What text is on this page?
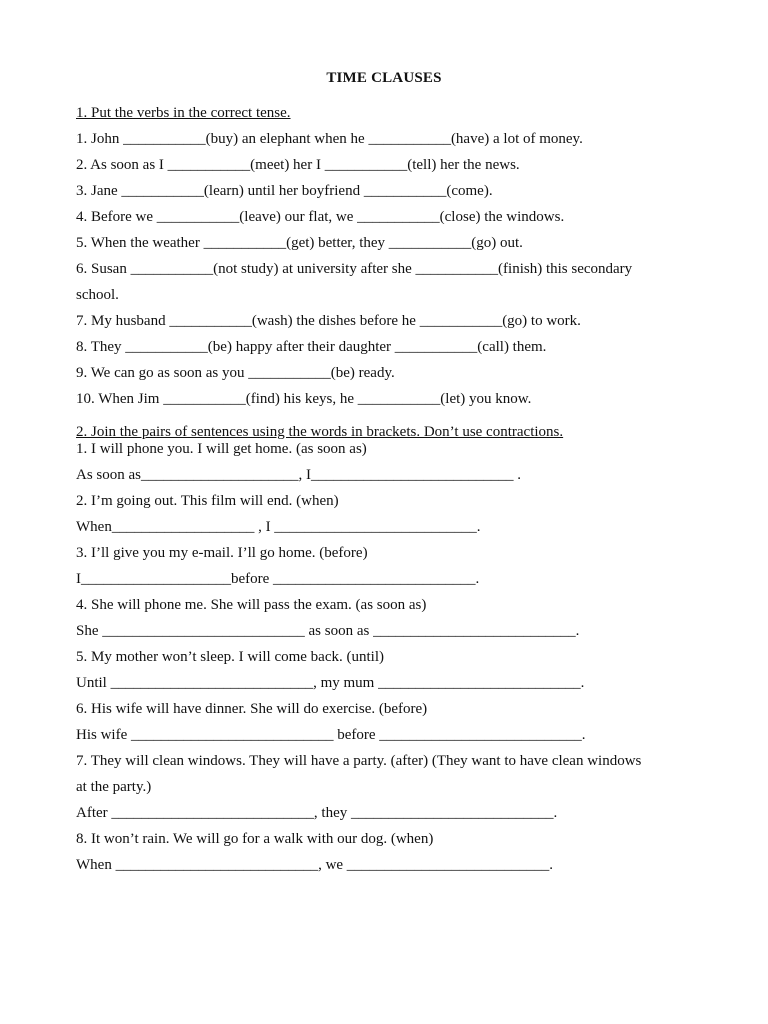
TIME CLAUSES
1. Put the verbs in the correct tense.
1. John ___________(buy) an elephant when he ___________(have) a lot of money.
2. As soon as I ___________(meet) her I ___________(tell) her the news.
3. Jane ___________(learn) until her boyfriend ___________(come).
4. Before we ___________(leave) our flat, we ___________(close) the windows.
5. When the weather ___________(get) better, they ___________(go) out.
6. Susan ___________(not study) at university after she ___________(finish) this secondary
school.
7. My husband ___________(wash) the dishes before he ___________(go) to work.
8. They ___________(be) happy after their daughter ___________(call) them.
9. We can go as soon as you ___________(be) ready.
10. When Jim ___________(find) his keys, he ___________(let) you know.
2. Join the pairs of sentences using the words in brackets. Don’t use contractions.
1. I will phone you. I will get home. (as soon as)
As soon as_____________________, I___________________________ .
2. I’m going out. This film will end. (when)
When___________________ , I ___________________________.
3. I’ll give you my e-mail. I’ll go home. (before)
I____________________before ___________________________.
4. She will phone me. She will pass the exam. (as soon as)
She ___________________________ as soon as ___________________________.
5. My mother won’t sleep. I will come back. (until)
Until ___________________________, my mum ___________________________.
6. His wife will have dinner. She will do exercise. (before)
His wife ___________________________ before ___________________________.
7. They will clean windows. They will have a party. (after) (They want to have clean windows
at the party.)
After ___________________________, they ___________________________.
8. It won’t rain. We will go for a walk with our dog. (when)
When ___________________________, we ___________________________.
